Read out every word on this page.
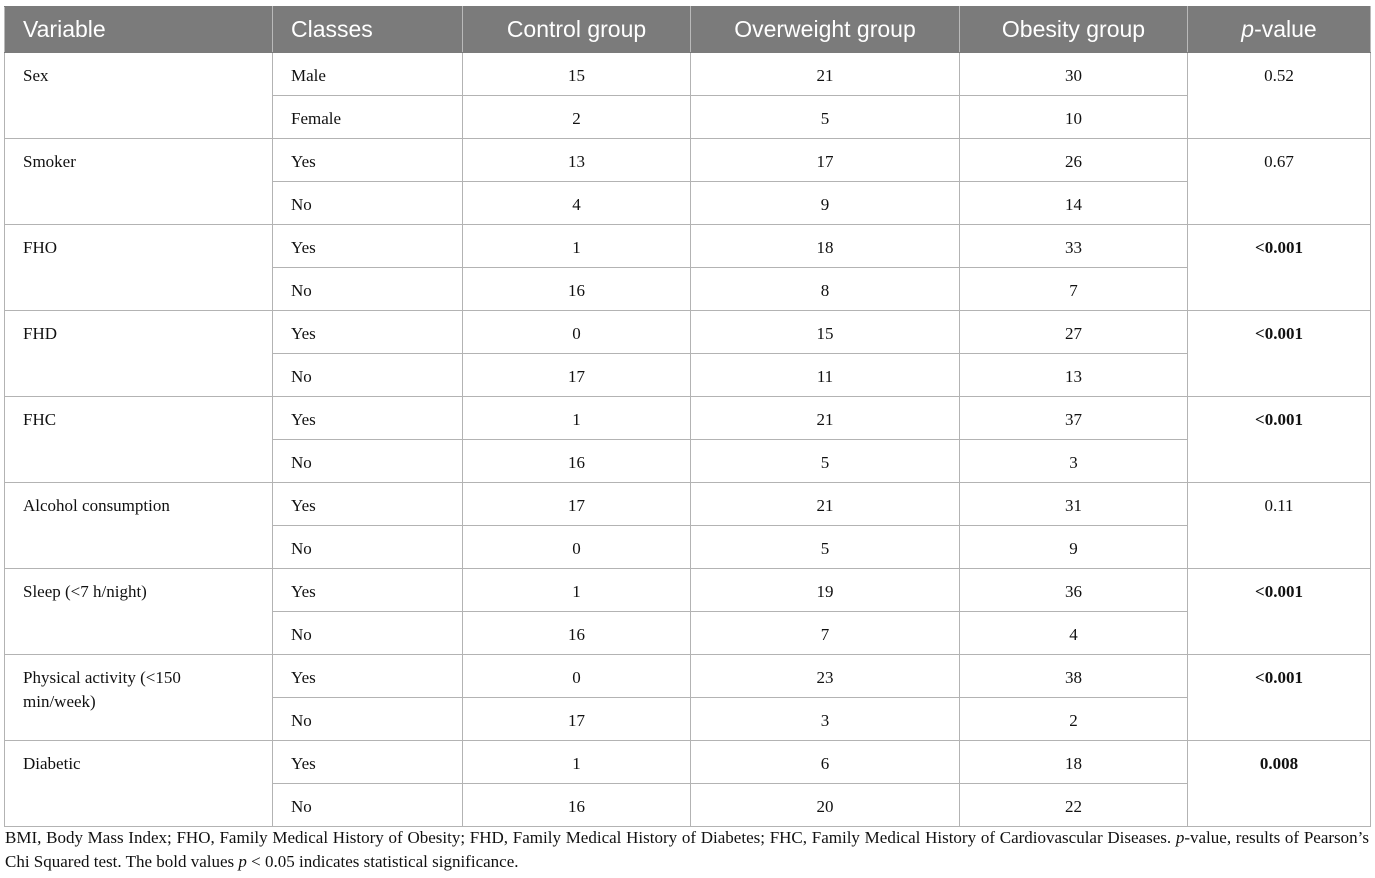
Variable	Classes	Control group	Overweight group	Obesity group	p-value
Sex	Male	15	21	30	0.52
	Female	2	5	10	
Smoker	Yes	13	17	26	0.67
	No	4	9	14	
FHO	Yes	1	18	33	<0.001
	No	16	8	7	
FHD	Yes	0	15	27	<0.001
	No	17	11	13	
FHC	Yes	1	21	37	<0.001
	No	16	5	3	
Alcohol consumption	Yes	17	21	31	0.11
	No	0	5	9	
Sleep (<7 h/night)	Yes	1	19	36	<0.001
	No	16	7	4	
Physical activity (<150 min/week)	Yes	0	23	38	<0.001
	No	17	3	2	
Diabetic	Yes	1	6	18	0.008
	No	16	20	22	
BMI, Body Mass Index; FHO, Family Medical History of Obesity; FHD, Family Medical History of Diabetes; FHC, Family Medical History of Cardiovascular Diseases. p-value, results of Pearson’s Chi Squared test. The bold values p < 0.05 indicates statistical significance.
